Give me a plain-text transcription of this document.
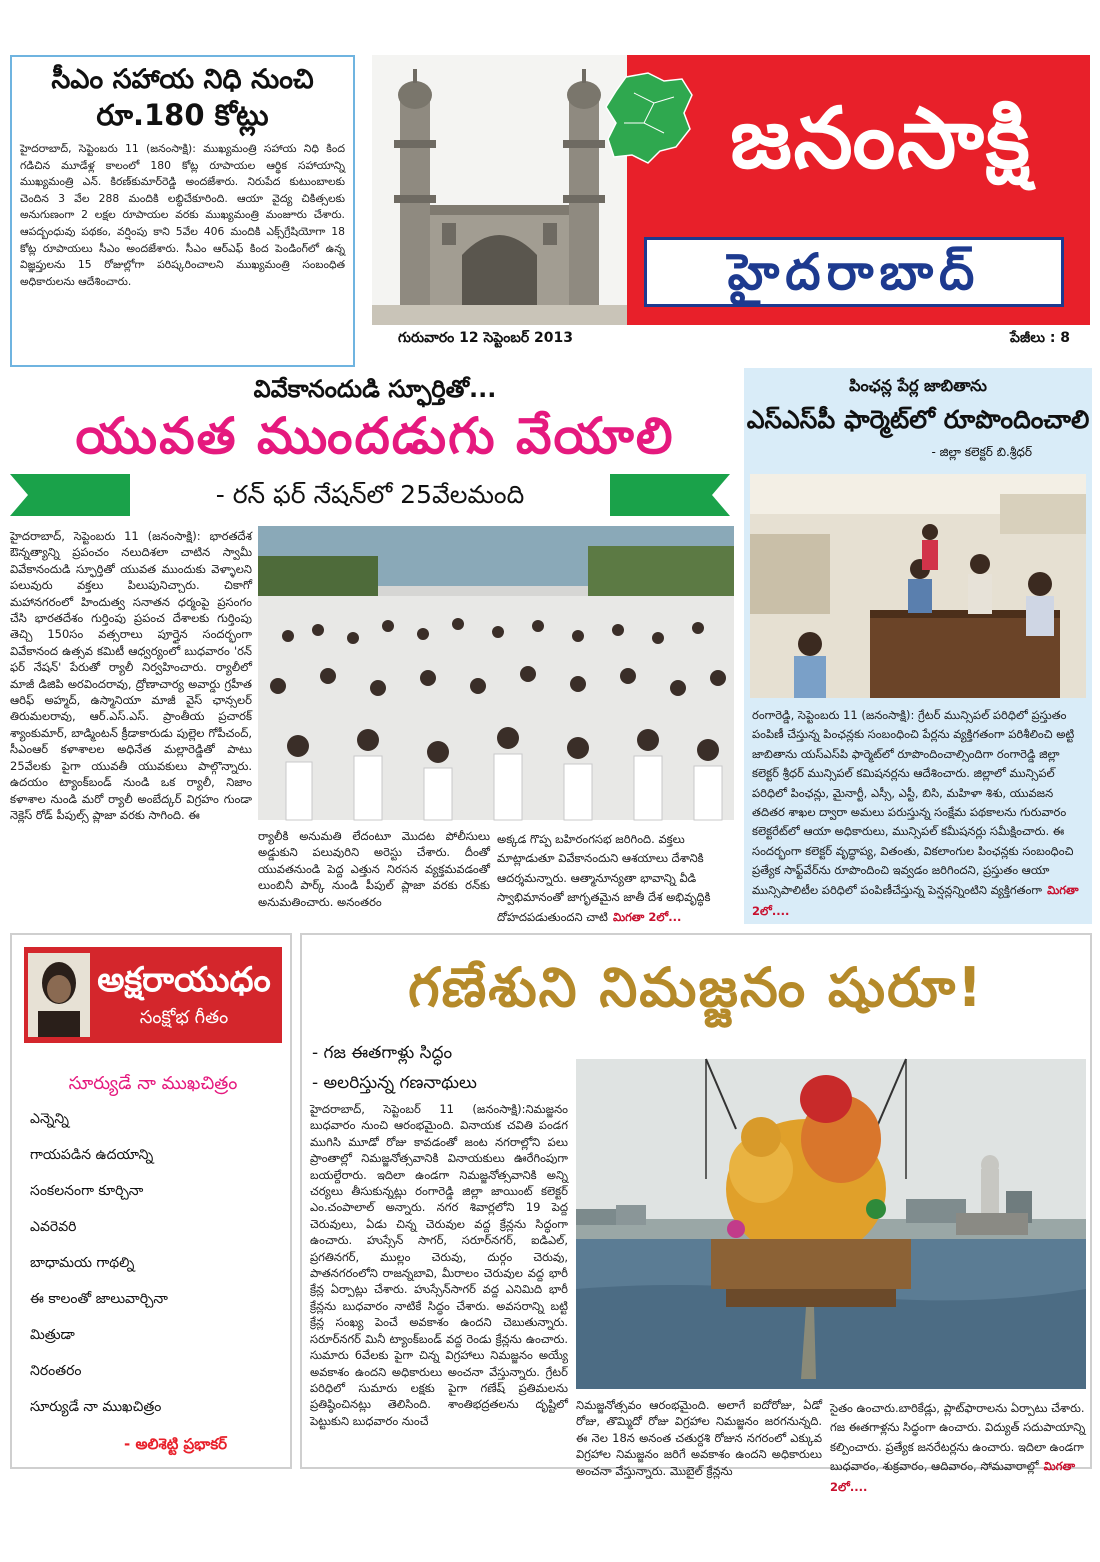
సీఎం సహాయ నిధి నుంచి
రూ.180 కోట్లు
హైదరాబాద్, సెప్టెంబరు 11 (జనంసాక్షి): ముఖ్యమంత్రి సహాయ నిధి కింద గడిచిన మూడేళ్ల కాలంలో 180 కోట్ల రూపాయల ఆర్థిక సహాయాన్ని ముఖ్యమంత్రి ఎన్. కిరణ్‌కుమార్‌రెడ్డి అందజేశారు. నిరుపేద కుటుంబాలకు చెందిన 3 వేల 288 మందికి లబ్ధిచేకూరింది. ఆయా వైద్య చికిత్సలకు అనుగుణంగా 2 లక్షల రూపాయల వరకు ముఖ్యమంత్రి మంజూరు చేశారు. ఆపద్బంధువు పథకం, వర్షింపు కాని 5వేల 406 మందికి ఎక్స్‌గ్రేషియోగా 18 కోట్ల రూపాయలు సీఎం అందజేశారు. సీఎం ఆర్‌ఎఫ్ కింద పెండింగ్‌లో ఉన్న విజ్ఞప్తులను 15 రోజుల్లోగా పరిష్కరించాలని ముఖ్యమంత్రి సంబంధిత అధికారులను ఆదేశించారు.
జనంసాక్షి
హైదరాబాద్
గురువారం 12 సెప్టెంబర్ 2013	పేజీలు : 8
వివేకానందుడి స్ఫూర్తితో...
యువత ముందడుగు వేయాలి
- రన్ ఫర్ నేషన్‌లో 25వేలమంది
హైదరాబాద్, సెప్టెంబరు 11 (జనంసాక్షి): భారతదేశ ఔన్నత్యాన్ని ప్రపంచం నలుదిశలా చాటిన స్వామీ వివేకానందుడి స్ఫూర్తితో యువత ముందుకు వెళ్ళాలని పలువురు వక్తలు పిలుపునిచ్చారు. చికాగో మహానగరంలో హిందుత్వ సనాతన ధర్మంపై ప్రసంగం చేసి భారతదేశం గుర్తింపు ప్రపంచ దేశాలకు గుర్తింపు తెచ్చి 150సం వత్సరాలు పూర్తైన సందర్భంగా వివేకానంద ఉత్సవ కమిటీ ఆధ్వర్యంలో బుధవారం 'రన్ ఫర్ నేషన్' పేరుతో ర్యాలీ నిర్వహించారు. ర్యాలీలో మాజీ డిజిపి అరవిందరావు, ద్రోణాచార్య అవార్డు గ్రహీత ఆరిఫ్ అహ్మద్, ఉస్మానియా మాజీ వైస్ ఛాన్సలర్ తిరుమలరావు, ఆర్.ఎస్.ఎస్. ప్రాంతీయ ప్రచారక్ శ్యాంకుమార్, బాడ్మింటన్ క్రీడాకారుడు పుల్లెల గోపీచంద్, సీఎంఆర్ కళాశాలల అధినేత మల్లారెడ్డితో పాటు 25వేలకు పైగా యువతీ యువకులు పాల్గొన్నారు. ఉదయం ట్యాంక్‌బండ్ నుండి ఒక ర్యాలీ, నిజాం కళాశాల నుండి మరో ర్యాలీ అంబేద్కర్ విగ్రహం గుండా నెక్లెస్ రోడ్ పీపుల్స్ ప్లాజా వరకు సాగింది. ఈ
ర్యాలీకి అనుమతి లేదంటూ మొదట పోలీసులు అడ్డుకుని పలువురిని అరెస్టు చేశారు. దీంతో యువతనుండి పెద్ద ఎత్తున నిరసన వ్యక్తమవడంతో లుంబినీ పార్క్ నుండి పీపుల్ ప్లాజా వరకు రన్‌కు అనుమతించారు. అనంతరం
అక్కడ గొప్ప బహిరంగసభ జరిగింది. వక్తలు మాట్లాడుతూ వివేకానందుని ఆశయాలు దేశానికి ఆదర్శమన్నారు. ఆత్మానూన్యతా భావాన్ని వీడి స్వాభిమానంతో జాగృతమైన జాతీ దేశ అభివృద్ధికి దోహదపడుతుందని చాటి మిగతా 2లో...
పింఛన్ల పేర్ల జాబితాను
ఎస్ఎస్‌పీ ఫార్మెట్‌లో రూపొందించాలి
- జిల్లా కలెక్టర్ బి.శ్రీధర్
రంగారెడ్డి, సెప్టెంబరు 11 (జనంసాక్షి): గ్రేటర్ మున్సిపల్ పరిధిలో ప్రస్తుతం పంపిణీ చేస్తున్న పింఛన్లకు సంబంధించి పేర్లను వ్యక్తిగతంగా పరిశీలించి అట్టి జాబితాను యస్ఎస్‌పి ఫార్మెట్‌లో రూపొందించాల్సిందిగా రంగారెడ్డి జిల్లా కలెక్టర్ శ్రీధర్ మున్సిపల్ కమిషనర్లను ఆదేశించారు. జిల్లాలో మున్సిపల్ పరిధిలో పింఛన్లు, మైనార్టీ, ఎస్సీ, ఎస్టీ, బిసి, మహిళా శిశు, యువజన తదితర శాఖల ద్వారా అమలు పరుస్తున్న సంక్షేమ పథకాలను గురువారం కలెక్టరేట్‌లో ఆయా అధికారులు, మున్సిపల్ కమీషనర్లు సమీక్షించారు. ఈ సందర్భంగా కలెక్టర్ వృద్ధాప్య, వితంతు, వికలాంగుల పింఛన్లకు సంబంధించి ప్రత్యేక సాఫ్ట్‌వేర్‌ను రూపొందించి ఇవ్వడం జరిగిందని, ప్రస్తుతం ఆయా మున్సిపాలిటీల పరిధిలో పంపిణీచేస్తున్న పెన్షన్లన్నింటిని వ్యక్తిగతంగా మిగతా 2లో....
అక్షరాయుధం
సంక్షోభ గీతం
సూర్యుడే నా ముఖచిత్రం
ఎన్నెన్ని
గాయపడిన ఉదయాన్ని
సంకలనంగా కూర్చినా
ఎవరెవరి
బాధామయ గాథల్ని
ఈ కాలంతో జాలువార్చినా
మిత్రుడా
నిరంతరం
సూర్యుడే నా ముఖచిత్రం
- అలిశెట్టి ప్రభాకర్
గణేశుని నిమజ్జనం షురూ!
- గజ ఈతగాళ్లు సిద్ధం
- అలరిస్తున్న గణనాథులు
హైదరాబాద్, సెప్టెంబర్ 11 (జనంసాక్షి):నిమజ్జనం బుధవారం నుంచి ఆరంభమైంది. వినాయక చవితి పండగ ముగిసి మూడో రోజు కావడంతో జంట నగరాల్లోని పలు ప్రాంతాల్లో నిమజ్జనోత్సవానికి వినాయకులు ఊరేగింపుగా బయల్దేరారు. ఇదిలా ఉండగా నిమజ్జనోత్సవానికి అన్ని చర్యలు తీసుకున్నట్లు రంగారెడ్డి జిల్లా జాయింట్ కలెక్టర్ ఎం.చంపాలాల్ అన్నారు. నగర శివార్లలోని 19 పెద్ద చెరువులు, ఏడు చిన్న చెరువుల వద్ద క్రేన్లను సిద్ధంగా ఉంచారు. హుస్సేన్ సాగర్, సరూర్‌నగర్, ఐడిఎల్, ప్రగతినగర్, ముల్లం చెరువు, దుర్గం చెరువు, పాతనగరంలోని రాజన్నబావి, మీరాలం చెరువుల వద్ద భారీ క్రేన్ల ఏర్పాట్లు చేశారు. హుస్సేన్‌సాగర్ వద్ద ఎనిమిది భారీ క్రేన్లను బుధవారం నాటికే సిద్ధం చేశారు. అవసరాన్ని బట్టి క్రేన్ల సంఖ్య పెంచే అవకాశం ఉందని చెబుతున్నారు. సరూర్‌నగర్ మినీ ట్యాంక్‌బండ్ వద్ద రెండు క్రేన్లను ఉంచారు. సుమారు 6వేలకు పైగా చిన్న విగ్రహాలు నిమజ్జనం అయ్యే అవకాశం ఉందని అధికారులు అంచనా వేస్తున్నారు. గ్రేటర్ పరిధిలో సుమారు లక్షకు పైగా గణేష్ ప్రతిమలను ప్రతిష్ఠించినట్లు తెలిసింది. శాంతిభద్రతలను దృష్టిలో పెట్టుకుని బుధవారం నుంచే
నిమజ్జనోత్సవం ఆరంభమైంది. అలాగే ఐదోరోజు, ఏడో రోజు, తొమ్మిదో రోజు విగ్రహాల నిమజ్జనం జరగనున్నది. ఈ నెల 18న అనంత చతుర్దశి రోజున నగరంలో ఎక్కువ విగ్రహాల నిమజ్జనం జరిగే అవకాశం ఉందని అధికారులు అంచనా వేస్తున్నారు. మొబైల్ క్రేన్లను
సైతం ఉంచారు.బారికేడ్లు, ప్లాట్‌ఫారాలను ఏర్పాటు చేశారు. గజ ఈతగాళ్లను సిద్ధంగా ఉంచారు. విద్యుత్ సదుపాయాన్ని కల్పించారు. ప్రత్యేక జనరేటర్లను ఉంచారు. ఇదిలా ఉండగా బుధవారం, శుక్రవారం, ఆదివారం, సోమవారాల్లో మిగతా 2లో....
